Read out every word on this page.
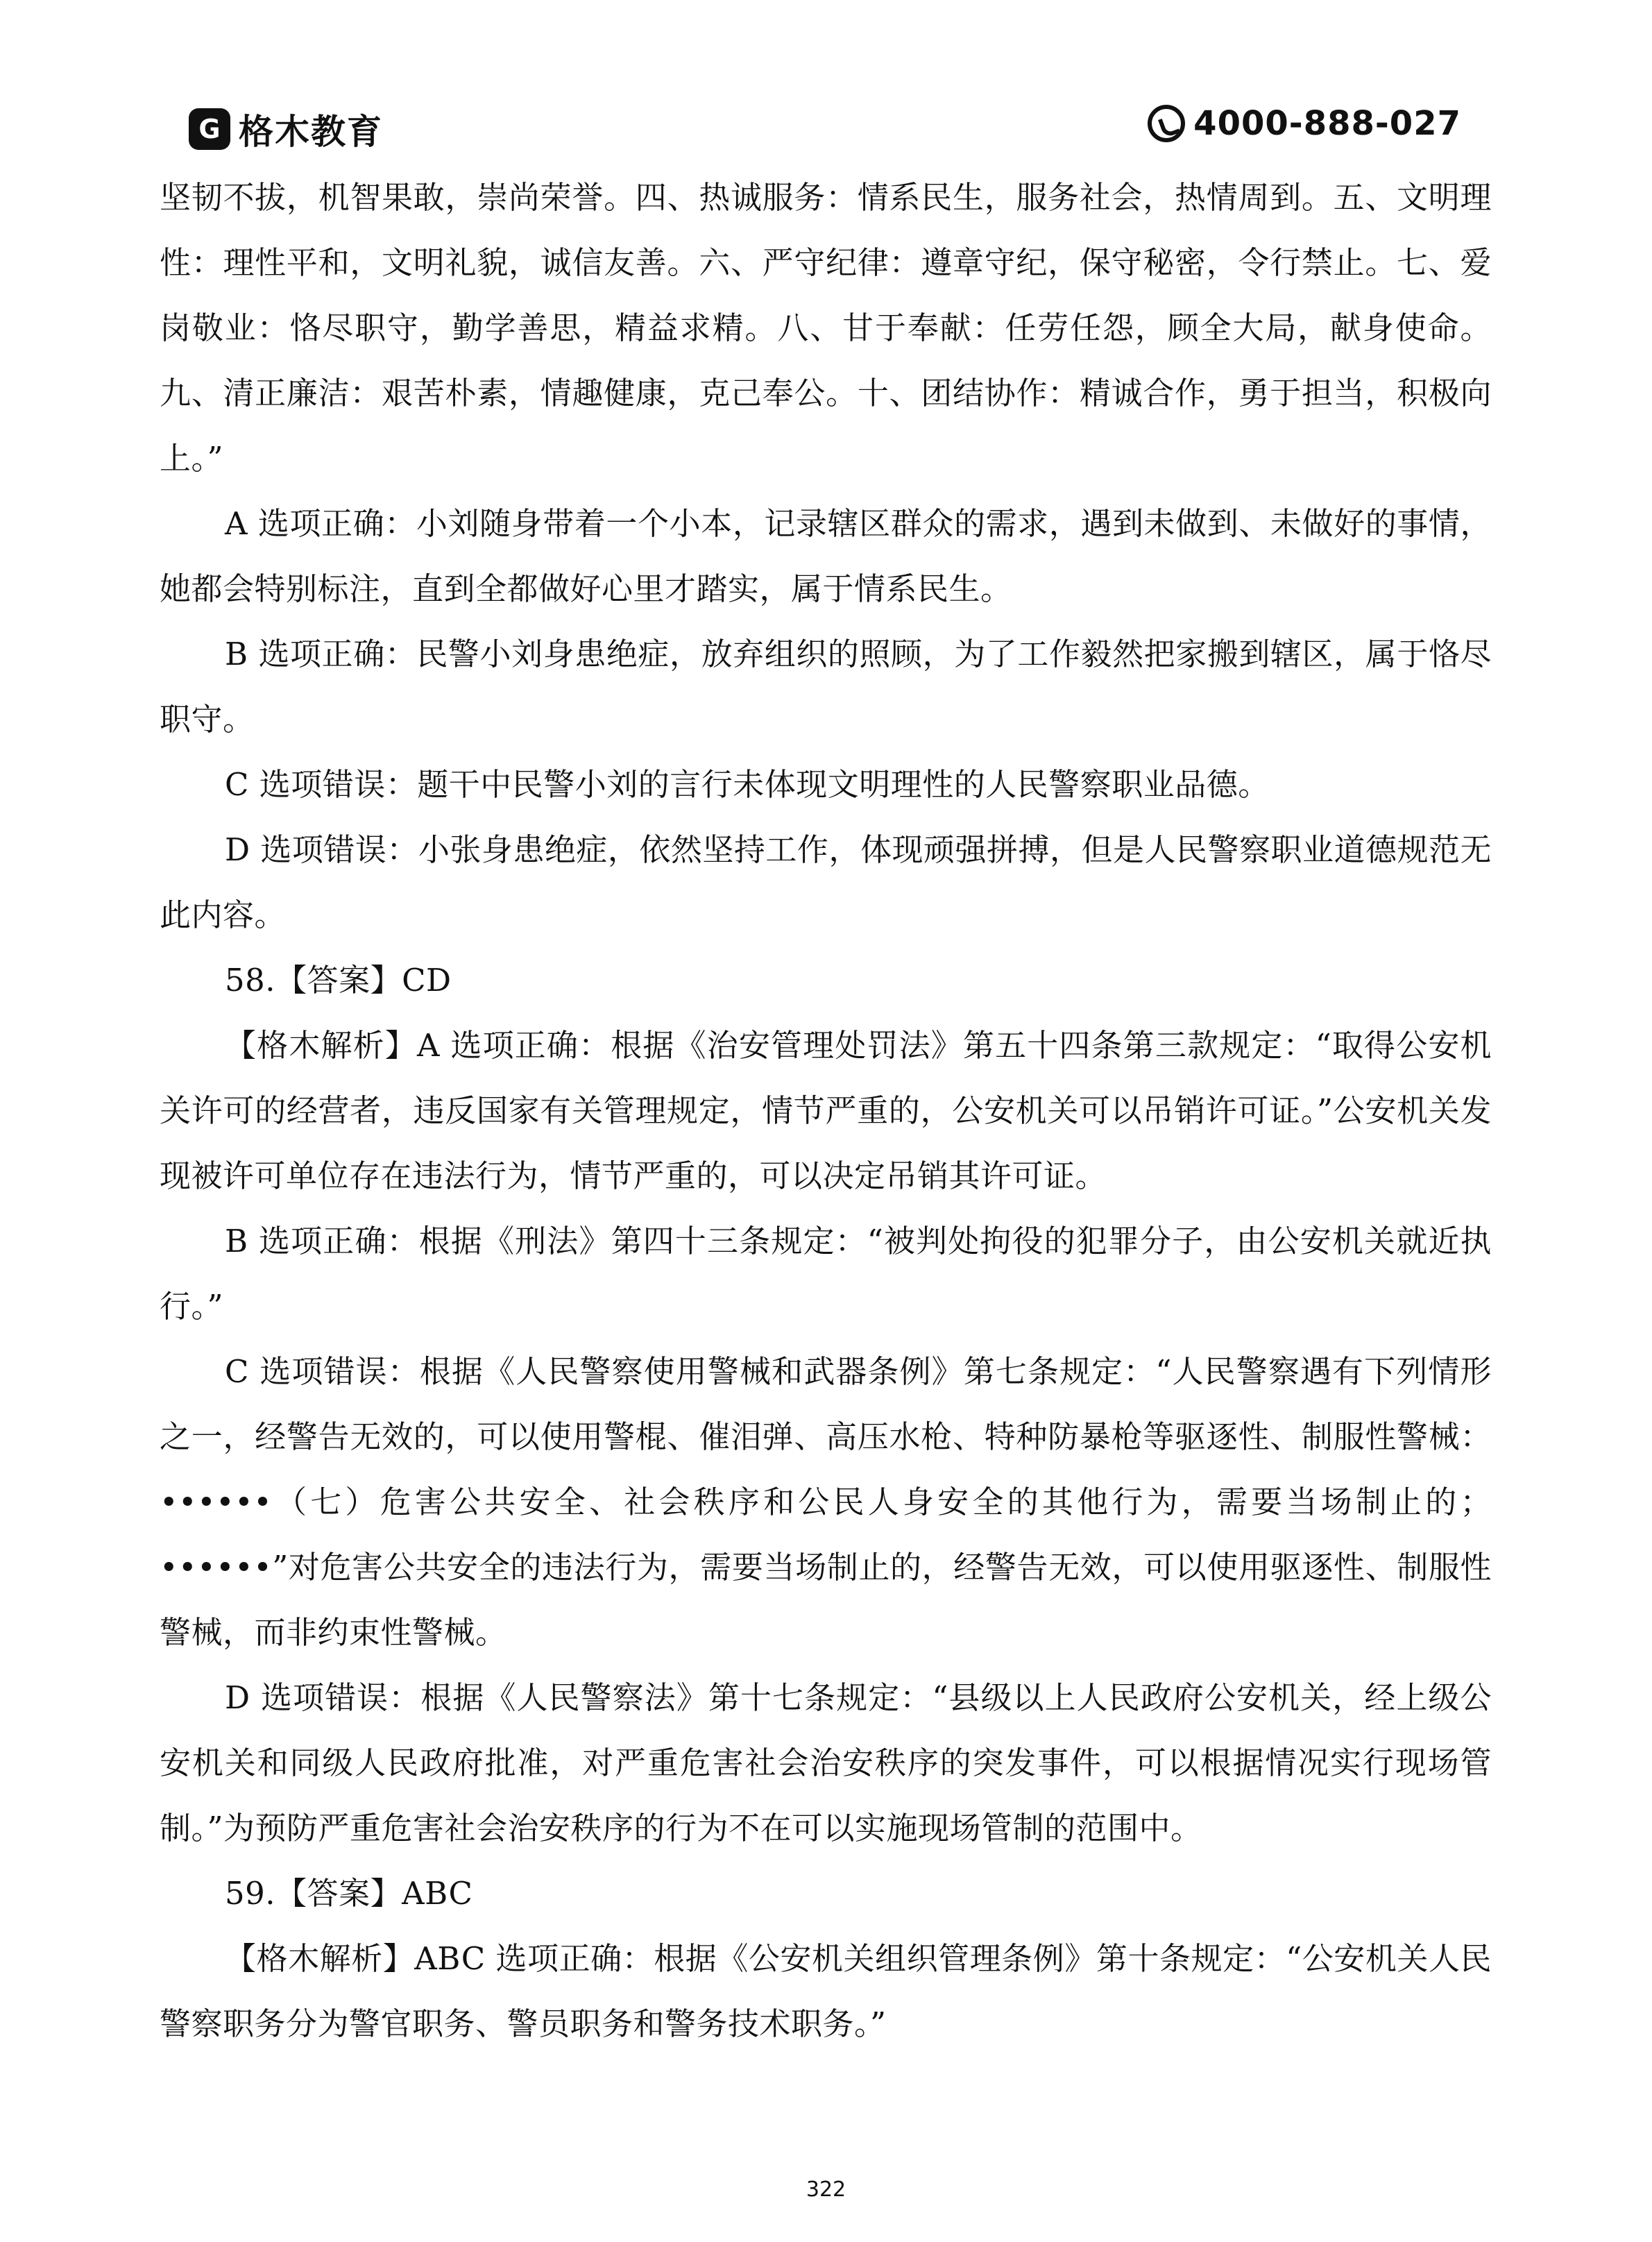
G 格木教育	4000-888-027

坚韧不拔，机智果敢，崇尚荣誉。四、热诚服务：情系民生，服务社会，热情周到。五、文明理性：理性平和，文明礼貌，诚信友善。六、严守纪律：遵章守纪，保守秘密，令行禁止。七、爱岗敬业：恪尽职守，勤学善思，精益求精。八、甘于奉献：任劳任怨，顾全大局，献身使命。九、清正廉洁：艰苦朴素，情趣健康，克己奉公。十、团结协作：精诚合作，勇于担当，积极向上。”

A 选项正确：小刘随身带着一个小本，记录辖区群众的需求，遇到未做到、未做好的事情，她都会特别标注，直到全都做好心里才踏实，属于情系民生。

B 选项正确：民警小刘身患绝症，放弃组织的照顾，为了工作毅然把家搬到辖区，属于恪尽职守。

C 选项错误：题干中民警小刘的言行未体现文明理性的人民警察职业品德。

D 选项错误：小张身患绝症，依然坚持工作，体现顽强拼搏，但是人民警察职业道德规范无此内容。

58.【答案】CD

【格木解析】A 选项正确：根据《治安管理处罚法》第五十四条第三款规定：“取得公安机关许可的经营者，违反国家有关管理规定，情节严重的，公安机关可以吊销许可证。”公安机关发现被许可单位存在违法行为，情节严重的，可以决定吊销其许可证。

B 选项正确：根据《刑法》第四十三条规定：“被判处拘役的犯罪分子，由公安机关就近执行。”

C 选项错误：根据《人民警察使用警械和武器条例》第七条规定：“人民警察遇有下列情形之一，经警告无效的，可以使用警棍、催泪弹、高压水枪、特种防暴枪等驱逐性、制服性警械：••••••（七）危害公共安全、社会秩序和公民人身安全的其他行为，需要当场制止的；••••••”对危害公共安全的违法行为，需要当场制止的，经警告无效，可以使用驱逐性、制服性警械，而非约束性警械。

D 选项错误：根据《人民警察法》第十七条规定：“县级以上人民政府公安机关，经上级公安机关和同级人民政府批准，对严重危害社会治安秩序的突发事件，可以根据情况实行现场管制。”为预防严重危害社会治安秩序的行为不在可以实施现场管制的范围中。

59.【答案】ABC

【格木解析】ABC 选项正确：根据《公安机关组织管理条例》第十条规定：“公安机关人民警察职务分为警官职务、警员职务和警务技术职务。”

322
